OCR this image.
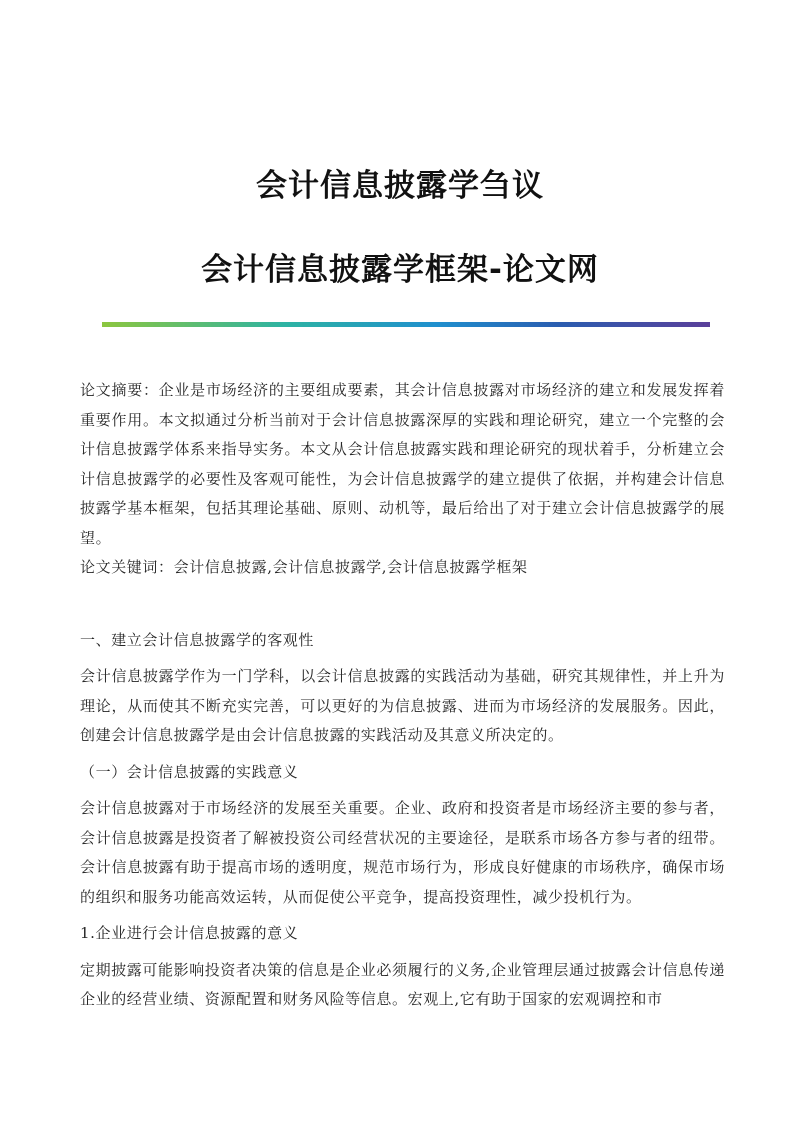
会计信息披露学刍议
会计信息披露学框架-论文网

论文摘要：企业是市场经济的主要组成要素，其会计信息披露对市场经济的建立和发展发挥着重要作用。本文拟通过分析当前对于会计信息披露深厚的实践和理论研究，建立一个完整的会计信息披露学体系来指导实务。本文从会计信息披露实践和理论研究的现状着手，分析建立会计信息披露学的必要性及客观可能性，为会计信息披露学的建立提供了依据，并构建会计信息披露学基本框架，包括其理论基础、原则、动机等，最后给出了对于建立会计信息披露学的展望。

论文关键词：会计信息披露,会计信息披露学,会计信息披露学框架

一、建立会计信息披露学的客观性

会计信息披露学作为一门学科，以会计信息披露的实践活动为基础，研究其规律性，并上升为理论，从而使其不断充实完善，可以更好的为信息披露、进而为市场经济的发展服务。因此，创建会计信息披露学是由会计信息披露的实践活动及其意义所决定的。

（一）会计信息披露的实践意义

会计信息披露对于市场经济的发展至关重要。企业、政府和投资者是市场经济主要的参与者，会计信息披露是投资者了解被投资公司经营状况的主要途径，是联系市场各方参与者的纽带。会计信息披露有助于提高市场的透明度，规范市场行为，形成良好健康的市场秩序，确保市场的组织和服务功能高效运转，从而促使公平竞争，提高投资理性，减少投机行为。

1.企业进行会计信息披露的意义

定期披露可能影响投资者决策的信息是企业必须履行的义务,企业管理层通过披露会计信息传递企业的经营业绩、资源配置和财务风险等信息。宏观上,它有助于国家的宏观调控和市
